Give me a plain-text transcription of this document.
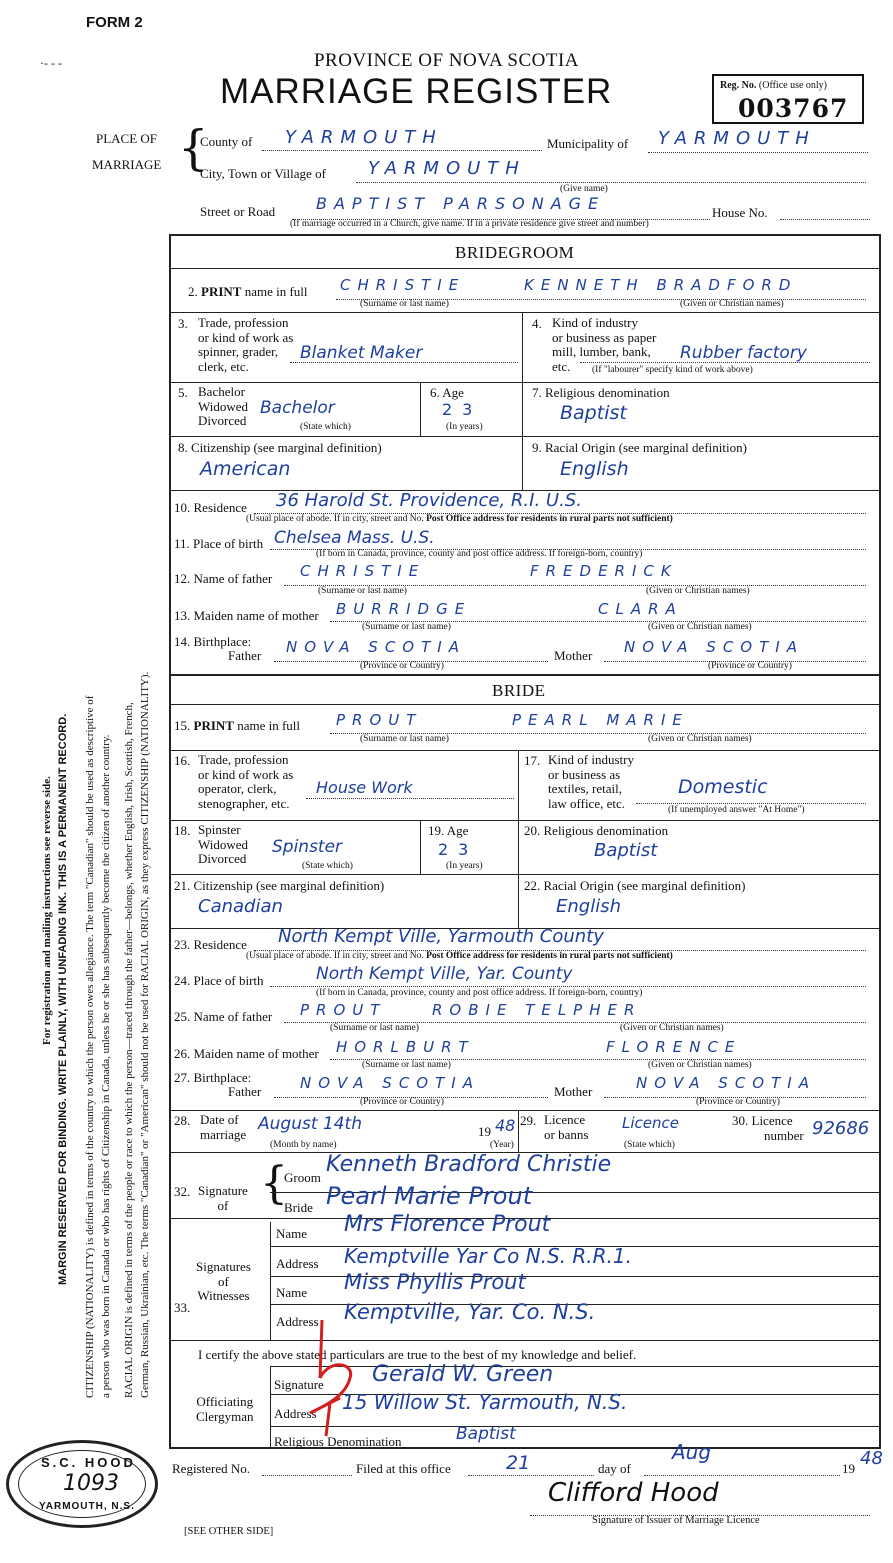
FORM 2
·- - -	PROVINCE OF NOVA SCOTIA
MARRIAGE REGISTER	Reg. No. (Office use only)
003767
PLACE OF
MARRIAGE {
County of YARMOUTH	Municipality of YARMOUTH
City, Town or Village of YARMOUTH
(Give name)
Street or Road	BAPTIST PARSONAGE	House No.
(If marriage occurred in a Church, give name. If in a private residence give street and number)
For registration and mailing instructions see reverse side. MARGIN RESERVED FOR BINDING. WRITE PLAINLY, WITH UNFADING INK. THIS IS A PERMANENT RECORD. CITIZENSHIP (NATIONALITY) is defined in terms of the country to which the person owes allegiance. The term "Canadian" should be used as descriptive of a person who was born in Canada or who has rights of Citizenship in Canada, unless he or she has subsequently become the citizen of another country. RACIAL ORIGIN is defined in terms of the people or race to which the person—traced through the father—belongs, whether English, Irish, Scottish, French, German, Russian, Ukrainian, etc. The terms "Canadian" or "American" should not be used for RACIAL ORIGIN, as they express CITIZENSHIP (NATIONALITY).
BRIDEGROOM
2. PRINT name in full CHRISTIE	KENNETH BRADFORD
(Surname or last name)	(Given or Christian names)
3. Trade, profession
or kind of work as
spinner, grader,
clerk, etc.
Blanket Maker
4. Kind of industry
or business as paper
mill, lumber, bank,
etc.
Rubber factory
(If "labourer" specify kind of work above)
5. Bachelor
Widowed
Divorced
Bachelor
(State which)
6. Age
23
(In years)
7. Religious denomination
Baptist
8. Citizenship (see marginal definition)
American
9. Racial Origin (see marginal definition)
English
10. Residence 36 Harold St. Providence, R.I. U.S.
(Usual place of abode. If in city, street and No. Post Office address for residents in rural parts not sufficient)
11. Place of birth Chelsea Mass. U.S.
(If born in Canada, province, county and post office address. If foreign-born, country)
12. Name of father CHRISTIE	FREDERICK
(Surname or last name)	(Given or Christian names)
13. Maiden name of mother BURRIDGE	CLARA
(Surname or last name)	(Given or Christian names)
14. Birthplace:
Father NOVA SCOTIA	Mother NOVA SCOTIA
(Province or Country)	(Province or Country)
BRIDE
15. PRINT name in full PROUT	PEARL MARIE
(Surname or last name)	(Given or Christian names)
16. Trade, profession
or kind of work as
operator, clerk,
stenographer, etc.
House Work
17. Kind of industry
or business as
textiles, retail,
law office, etc.
Domestic
(If unemployed answer "At Home")
18. Spinster
Widowed
Divorced
Spinster
(State which)
19. Age
23
(In years)
20. Religious denomination
Baptist
21. Citizenship (see marginal definition)
Canadian
22. Racial Origin (see marginal definition)
English
23. Residence North Kempt Ville, Yarmouth County
(Usual place of abode. If in city, street and No. Post Office address for residents in rural parts not sufficient)
24. Place of birth	North Kempt Ville, Yar. County
(If born in Canada, province, county and post office address. If foreign-born, country)
25. Name of father PROUT	ROBIE TELPHER
(Surname or last name)	(Given or Christian names)
26. Maiden name of mother HORLBURT	FLORENCE
(Surname or last name)	(Given or Christian names)
27. Birthplace:
Father	NOVA SCOTIA	Mother	NOVA SCOTIA
(Province or Country)	(Province or Country)
28. Date of
marriage August 14th	19 48
(Month by name)	(Year)
29. Licence
or banns
Licence
(State which)
30. Licence
number 92686
32. Signature
of {
Groom
Kenneth Bradford Christie
Bride Pearl Marie Prout
33.
Signatures
of
Witnesses
Name Mrs Florence Prout
Address Kemptville Yar Co N.S. R.R.1.
Name Miss Phyllis Prout
Address Kemptville, Yar. Co. N.S.
I certify the above stated particulars are true to the best of my knowledge and belief.
Officiating
Clergyman
Signature Gerald W. Green
Address 15 Willow St. Yarmouth, N.S.
Religious Denomination	Baptist
Registered No.	Filed at this office	21	day of
Aug
19 48
Clifford Hood
Signature of Issuer of Marriage Licence
[SEE OTHER SIDE]
S.C. HOOD
1093
YARMOUTH, N.S.
